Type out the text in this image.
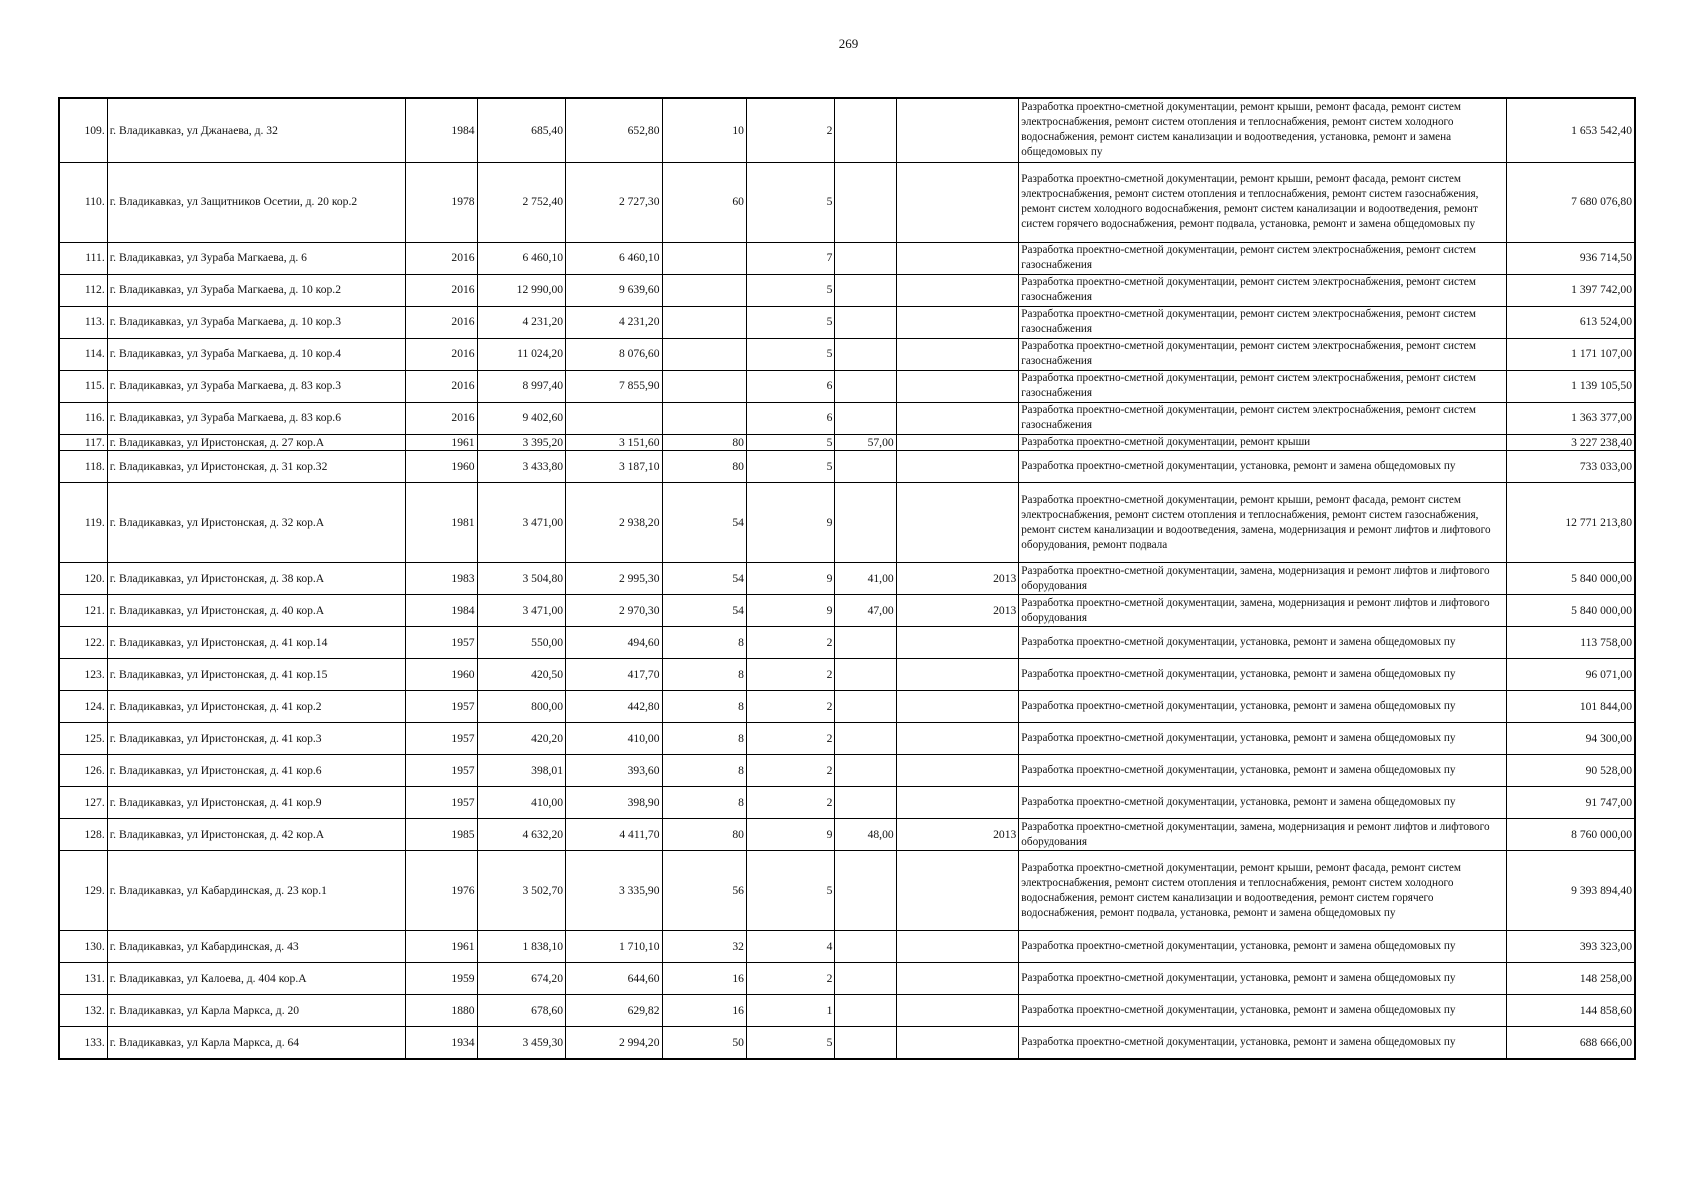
269
109.	г. Владикавказ, ул Джанаева, д. 32	1984	685,40	652,80	10	2			Разработка проектно-сметной документации, ремонт крыши, ремонт фасада, ремонт систем электроснабжения, ремонт систем отопления и теплоснабжения, ремонт систем холодного водоснабжения, ремонт систем канализации и водоотведения, установка, ремонт и замена общедомовых пу	1 653 542,40
110.	г. Владикавказ, ул Защитников Осетии, д. 20 кор.2	1978	2 752,40	2 727,30	60	5			Разработка проектно-сметной документации, ремонт крыши, ремонт фасада, ремонт систем электроснабжения, ремонт систем отопления и теплоснабжения, ремонт систем газоснабжения, ремонт систем холодного водоснабжения, ремонт систем канализации и водоотведения, ремонт систем горячего водоснабжения, ремонт подвала, установка, ремонт и замена общедомовых пу	7 680 076,80
111.	г. Владикавказ, ул Зураба Магкаева, д. 6	2016	6 460,10	6 460,10		7			Разработка проектно-сметной документации, ремонт систем электроснабжения, ремонт систем газоснабжения	936 714,50
112.	г. Владикавказ, ул Зураба Магкаева, д. 10 кор.2	2016	12 990,00	9 639,60		5			Разработка проектно-сметной документации, ремонт систем электроснабжения, ремонт систем газоснабжения	1 397 742,00
113.	г. Владикавказ, ул Зураба Магкаева, д. 10 кор.3	2016	4 231,20	4 231,20		5			Разработка проектно-сметной документации, ремонт систем электроснабжения, ремонт систем газоснабжения	613 524,00
114.	г. Владикавказ, ул Зураба Магкаева, д. 10 кор.4	2016	11 024,20	8 076,60		5			Разработка проектно-сметной документации, ремонт систем электроснабжения, ремонт систем газоснабжения	1 171 107,00
115.	г. Владикавказ, ул Зураба Магкаева, д. 83 кор.3	2016	8 997,40	7 855,90		6			Разработка проектно-сметной документации, ремонт систем электроснабжения, ремонт систем газоснабжения	1 139 105,50
116.	г. Владикавказ, ул Зураба Магкаева, д. 83 кор.6	2016	9 402,60			6			Разработка проектно-сметной документации, ремонт систем электроснабжения, ремонт систем газоснабжения	1 363 377,00
117.	г. Владикавказ, ул Иристонская, д. 27 кор.А	1961	3 395,20	3 151,60	80	5	57,00		Разработка проектно-сметной документации, ремонт крыши	3 227 238,40
118.	г. Владикавказ, ул Иристонская, д. 31 кор.32	1960	3 433,80	3 187,10	80	5			Разработка проектно-сметной документации, установка, ремонт и замена общедомовых пу	733 033,00
119.	г. Владикавказ, ул Иристонская, д. 32 кор.А	1981	3 471,00	2 938,20	54	9			Разработка проектно-сметной документации, ремонт крыши, ремонт фасада, ремонт систем электроснабжения, ремонт систем отопления и теплоснабжения, ремонт систем газоснабжения, ремонт систем канализации и водоотведения, замена, модернизация и ремонт лифтов и лифтового оборудования, ремонт подвала	12 771 213,80
120.	г. Владикавказ, ул Иристонская, д. 38 кор.А	1983	3 504,80	2 995,30	54	9	41,00	2013	Разработка проектно-сметной документации, замена, модернизация и ремонт лифтов и лифтового оборудования	5 840 000,00
121.	г. Владикавказ, ул Иристонская, д. 40 кор.А	1984	3 471,00	2 970,30	54	9	47,00	2013	Разработка проектно-сметной документации, замена, модернизация и ремонт лифтов и лифтового оборудования	5 840 000,00
122.	г. Владикавказ, ул Иристонская, д. 41 кор.14	1957	550,00	494,60	8	2			Разработка проектно-сметной документации, установка, ремонт и замена общедомовых пу	113 758,00
123.	г. Владикавказ, ул Иристонская, д. 41 кор.15	1960	420,50	417,70	8	2			Разработка проектно-сметной документации, установка, ремонт и замена общедомовых пу	96 071,00
124.	г. Владикавказ, ул Иристонская, д. 41 кор.2	1957	800,00	442,80	8	2			Разработка проектно-сметной документации, установка, ремонт и замена общедомовых пу	101 844,00
125.	г. Владикавказ, ул Иристонская, д. 41 кор.3	1957	420,20	410,00	8	2			Разработка проектно-сметной документации, установка, ремонт и замена общедомовых пу	94 300,00
126.	г. Владикавказ, ул Иристонская, д. 41 кор.6	1957	398,01	393,60	8	2			Разработка проектно-сметной документации, установка, ремонт и замена общедомовых пу	90 528,00
127.	г. Владикавказ, ул Иристонская, д. 41 кор.9	1957	410,00	398,90	8	2			Разработка проектно-сметной документации, установка, ремонт и замена общедомовых пу	91 747,00
128.	г. Владикавказ, ул Иристонская, д. 42 кор.А	1985	4 632,20	4 411,70	80	9	48,00	2013	Разработка проектно-сметной документации, замена, модернизация и ремонт лифтов и лифтового оборудования	8 760 000,00
129.	г. Владикавказ, ул Кабардинская, д. 23 кор.1	1976	3 502,70	3 335,90	56	5			Разработка проектно-сметной документации, ремонт крыши, ремонт фасада, ремонт систем электроснабжения, ремонт систем отопления и теплоснабжения, ремонт систем холодного водоснабжения, ремонт систем канализации и водоотведения, ремонт систем горячего водоснабжения, ремонт подвала, установка, ремонт и замена общедомовых пу	9 393 894,40
130.	г. Владикавказ, ул Кабардинская, д. 43	1961	1 838,10	1 710,10	32	4			Разработка проектно-сметной документации, установка, ремонт и замена общедомовых пу	393 323,00
131.	г. Владикавказ, ул Калоева, д. 404 кор.А	1959	674,20	644,60	16	2			Разработка проектно-сметной документации, установка, ремонт и замена общедомовых пу	148 258,00
132.	г. Владикавказ, ул Карла Маркса, д. 20	1880	678,60	629,82	16	1			Разработка проектно-сметной документации, установка, ремонт и замена общедомовых пу	144 858,60
133.	г. Владикавказ, ул Карла Маркса, д. 64	1934	3 459,30	2 994,20	50	5			Разработка проектно-сметной документации, установка, ремонт и замена общедомовых пу	688 666,00
